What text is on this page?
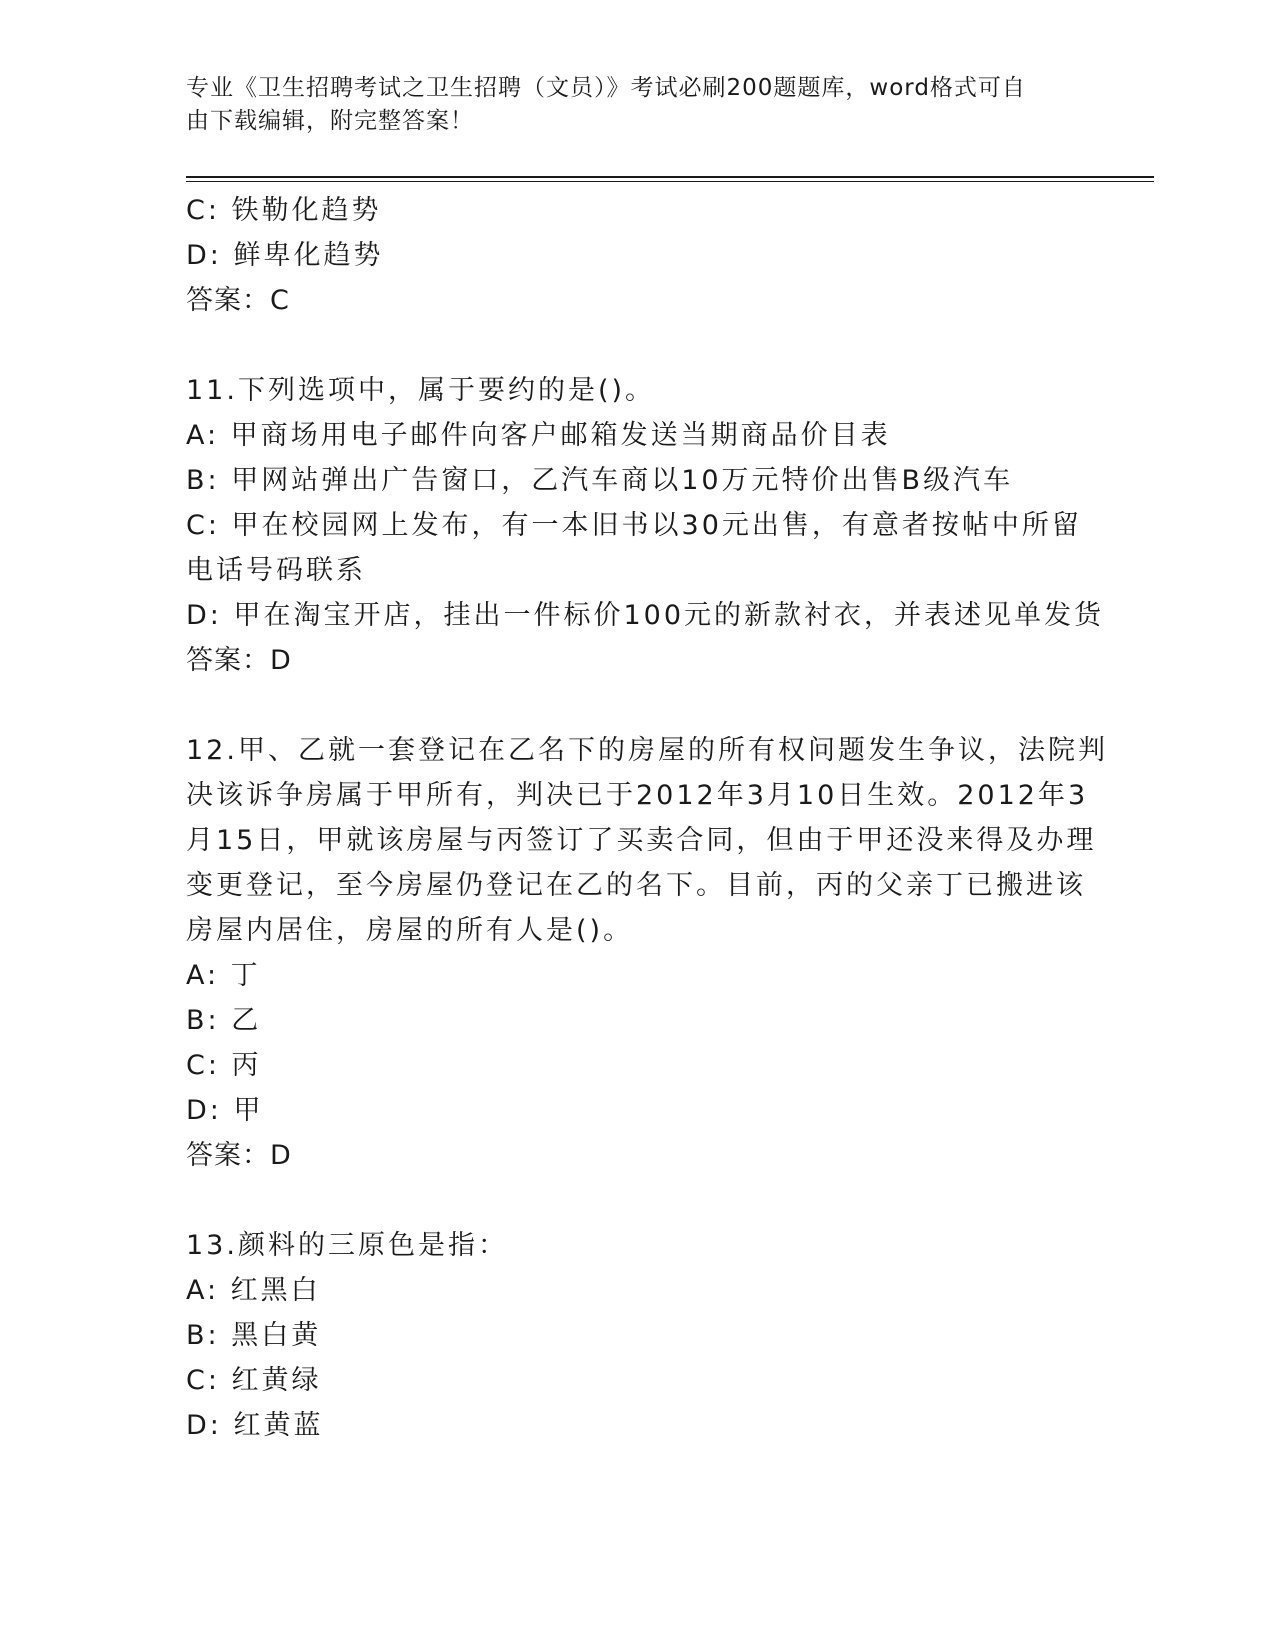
专业《卫生招聘考试之卫生招聘（文员）》考试必刷200题题库，word格式可自
由下载编辑，附完整答案！
C: 铁勒化趋势
D: 鲜卑化趋势
答案：C
11.下列选项中，属于要约的是()。
A: 甲商场用电子邮件向客户邮箱发送当期商品价目表
B: 甲网站弹出广告窗口，乙汽车商以10万元特价出售B级汽车
C: 甲在校园网上发布，有一本旧书以30元出售，有意者按帖中所留
电话号码联系
D: 甲在淘宝开店，挂出一件标价100元的新款衬衣，并表述见单发货
答案：D
12.甲、乙就一套登记在乙名下的房屋的所有权问题发生争议，法院判
决该诉争房属于甲所有，判决已于2012年3月10日生效。2012年3
月15日，甲就该房屋与丙签订了买卖合同，但由于甲还没来得及办理
变更登记，至今房屋仍登记在乙的名下。目前，丙的父亲丁已搬进该
房屋内居住，房屋的所有人是()。
A: 丁
B: 乙
C: 丙
D: 甲
答案：D
13.颜料的三原色是指：
A: 红黑白
B: 黑白黄
C: 红黄绿
D: 红黄蓝
